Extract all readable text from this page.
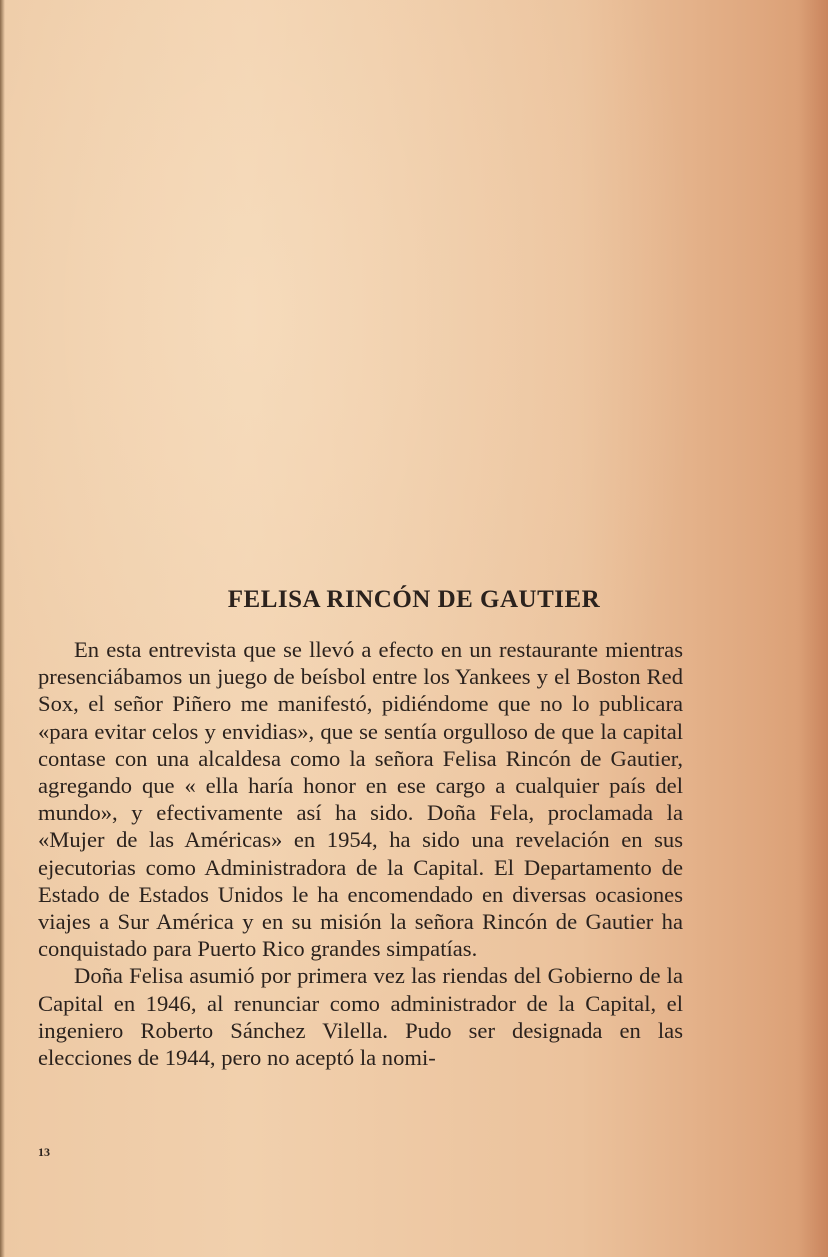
FELISA RINCÓN DE GAUTIER

En esta entrevista que se llevó a efecto en un restaurante mientras presenciábamos un juego de beísbol entre los Yankees y el Boston Red Sox, el señor Piñero me manifestó, pidiéndome que no lo publicara «para evitar celos y envidias», que se sentía orgulloso de que la capital contase con una alcaldesa como la señora Felisa Rincón de Gautier, agregando que « ella haría honor en ese cargo a cualquier país del mundo», y efectivamente así ha sido. Doña Fela, proclamada la «Mujer de las Américas» en 1954, ha sido una revelación en sus ejecutorias como Administradora de la Capital. El Departamento de Estado de Estados Unidos le ha encomendado en diversas ocasiones viajes a Sur América y en su misión la señora Rincón de Gautier ha conquistado para Puerto Rico grandes simpatías.

Doña Felisa asumió por primera vez las riendas del Gobierno de la Capital en 1946, al renunciar como administrador de la Capital, el ingeniero Roberto Sánchez Vilella. Pudo ser designada en las elecciones de 1944, pero no aceptó la nomi-

13
